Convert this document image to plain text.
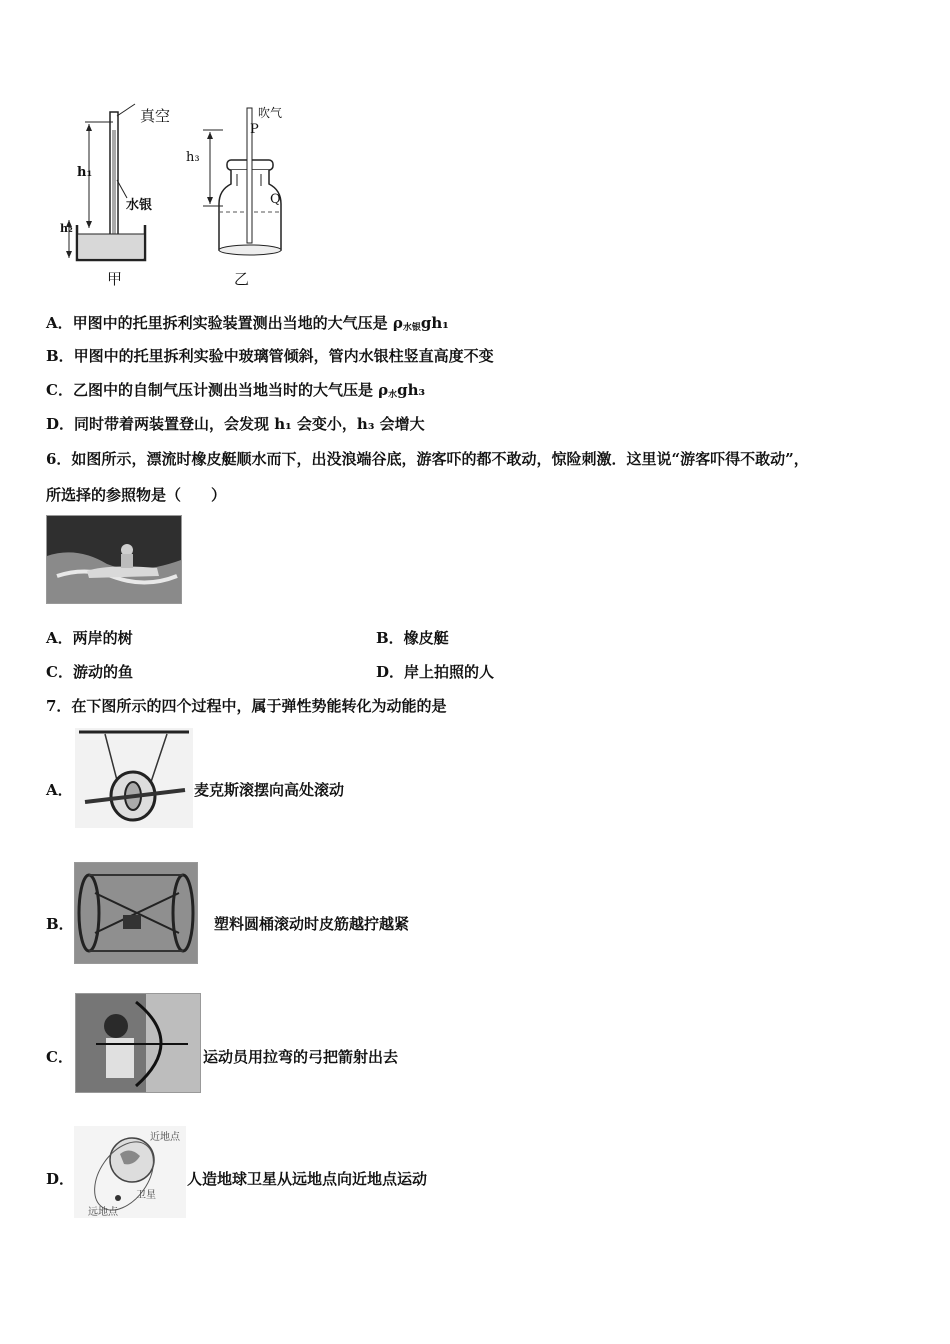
真空
h₁
水银
h₂
甲
吹气
P
h₃
Q
乙
A．甲图中的托里拆利实验装置测出当地的大气压是 $\rho_{水银}gh_1$
B．甲图中的托里拆利实验中玻璃管倾斜，管内水银柱竖直高度不变
C．乙图中的自制气压计测出当地当时的大气压是 $\rho_水gh_3$
D．同时带着两装置登山，会发现 h₁ 会变小，h₃ 会增大
6．如图所示，漂流时橡皮艇顺水而下，出没浪端谷底，游客吓的都不敢动，惊险刺激．这里说“游客吓得不敢动”，
所选择的参照物是（　　）
A．两岸的树	B．橡皮艇
C．游动的鱼	D．岸上拍照的人
7．在下图所示的四个过程中，属于弹性势能转化为动能的是
A．	麦克斯滚摆向高处滚动
B．	塑料圆桶滚动时皮筋越拧越紧
C．	运动员用拉弯的弓把箭射出去
D．
近地点
卫星
远地点
人造地球卫星从远地点向近地点运动
